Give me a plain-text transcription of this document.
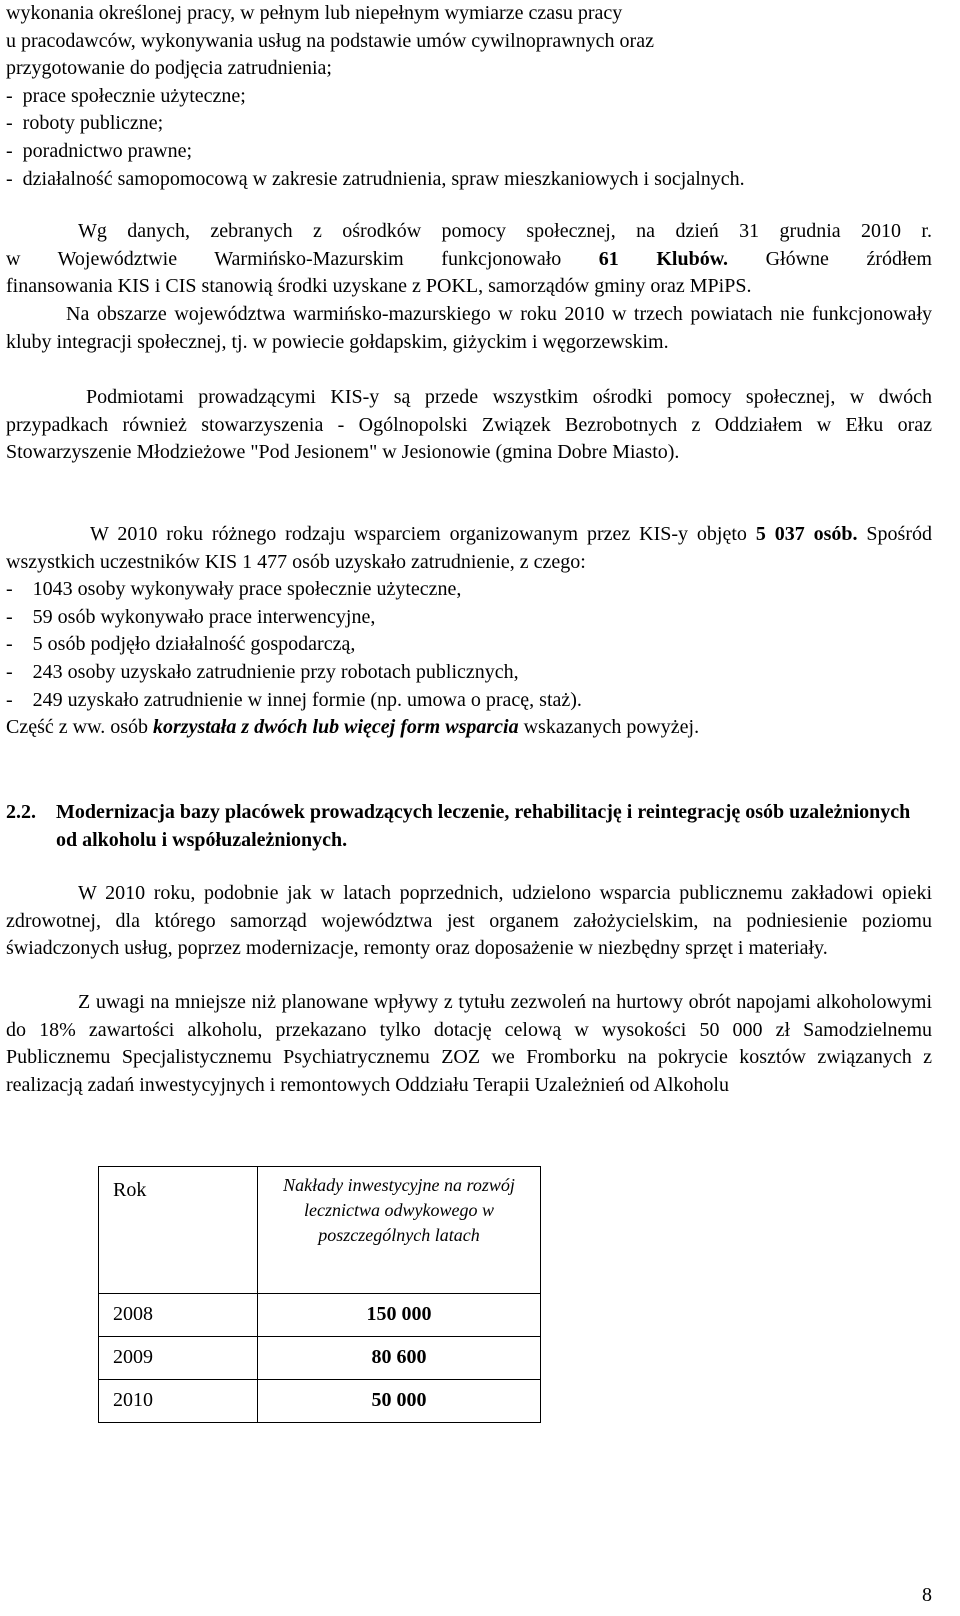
wykonania określonej pracy, w pełnym lub niepełnym wymiarze czasu pracy

u pracodawców, wykonywania usług na podstawie umów cywilnoprawnych oraz

przygotowanie do podjęcia zatrudnienia;

-  prace społecznie użyteczne;

-  roboty publiczne;

-  poradnictwo prawne;

-  działalność samopomocową w zakresie zatrudnienia, spraw mieszkaniowych i socjalnych.

Wg danych, zebranych z ośrodków pomocy społecznej, na dzień 31 grudnia 2010 r.

w Województwie Warmińsko-Mazurskim funkcjonowało 61 Klubów. Główne źródłem

finansowania KIS i CIS stanowią środki uzyskane z POKL, samorządów gminy oraz MPiPS.

Na obszarze województwa warmińsko-mazurskiego w roku 2010 w trzech powiatach nie funkcjonowały kluby integracji społecznej, tj. w powiecie gołdapskim, giżyckim i węgorzewskim.

Podmiotami prowadzącymi KIS-y są przede wszystkim ośrodki pomocy społecznej, w dwóch przypadkach również stowarzyszenia - Ogólnopolski Związek Bezrobotnych z Oddziałem w Ełku oraz Stowarzyszenie Młodzieżowe "Pod Jesionem" w Jesionowie (gmina Dobre Miasto).

W 2010 roku różnego rodzaju wsparciem organizowanym przez KIS-y objęto 5 037 osób. Spośród wszystkich uczestników KIS 1 477 osób uzyskało zatrudnienie, z czego:

-    1043 osoby wykonywały prace społecznie użyteczne,

-    59 osób wykonywało prace interwencyjne,

-    5 osób podjęło działalność gospodarczą,

-    243 osoby uzyskało zatrudnienie przy robotach publicznych,

-    249 uzyskało zatrudnienie w innej formie (np. umowa o pracę, staż).

Część z ww. osób korzystała z dwóch lub więcej form wsparcia wskazanych powyżej.

2.2.	Modernizacja bazy placówek prowadzących leczenie, rehabilitację i reintegrację osób uzależnionych od alkoholu i współuzależnionych.

W 2010 roku, podobnie jak w latach poprzednich, udzielono wsparcia publicznemu zakładowi opieki zdrowotnej, dla którego samorząd województwa jest organem założycielskim, na podniesienie poziomu świadczonych usług, poprzez modernizacje, remonty oraz doposażenie w niezbędny sprzęt i materiały.

Z uwagi na mniejsze niż planowane wpływy z tytułu zezwoleń na hurtowy obrót napojami alkoholowymi do 18% zawartości alkoholu, przekazano tylko dotację celową w wysokości 50 000 zł Samodzielnemu Publicznemu Specjalistycznemu Psychiatrycznemu ZOZ we Fromborku na pokrycie kosztów związanych z realizacją zadań inwestycyjnych i remontowych Oddziału Terapii Uzależnień od Alkoholu

Rok	Nakłady inwestycyjne na rozwój lecznictwa odwykowego w poszczególnych latach
2008	150 000
2009	80 600
2010	50 000
8
